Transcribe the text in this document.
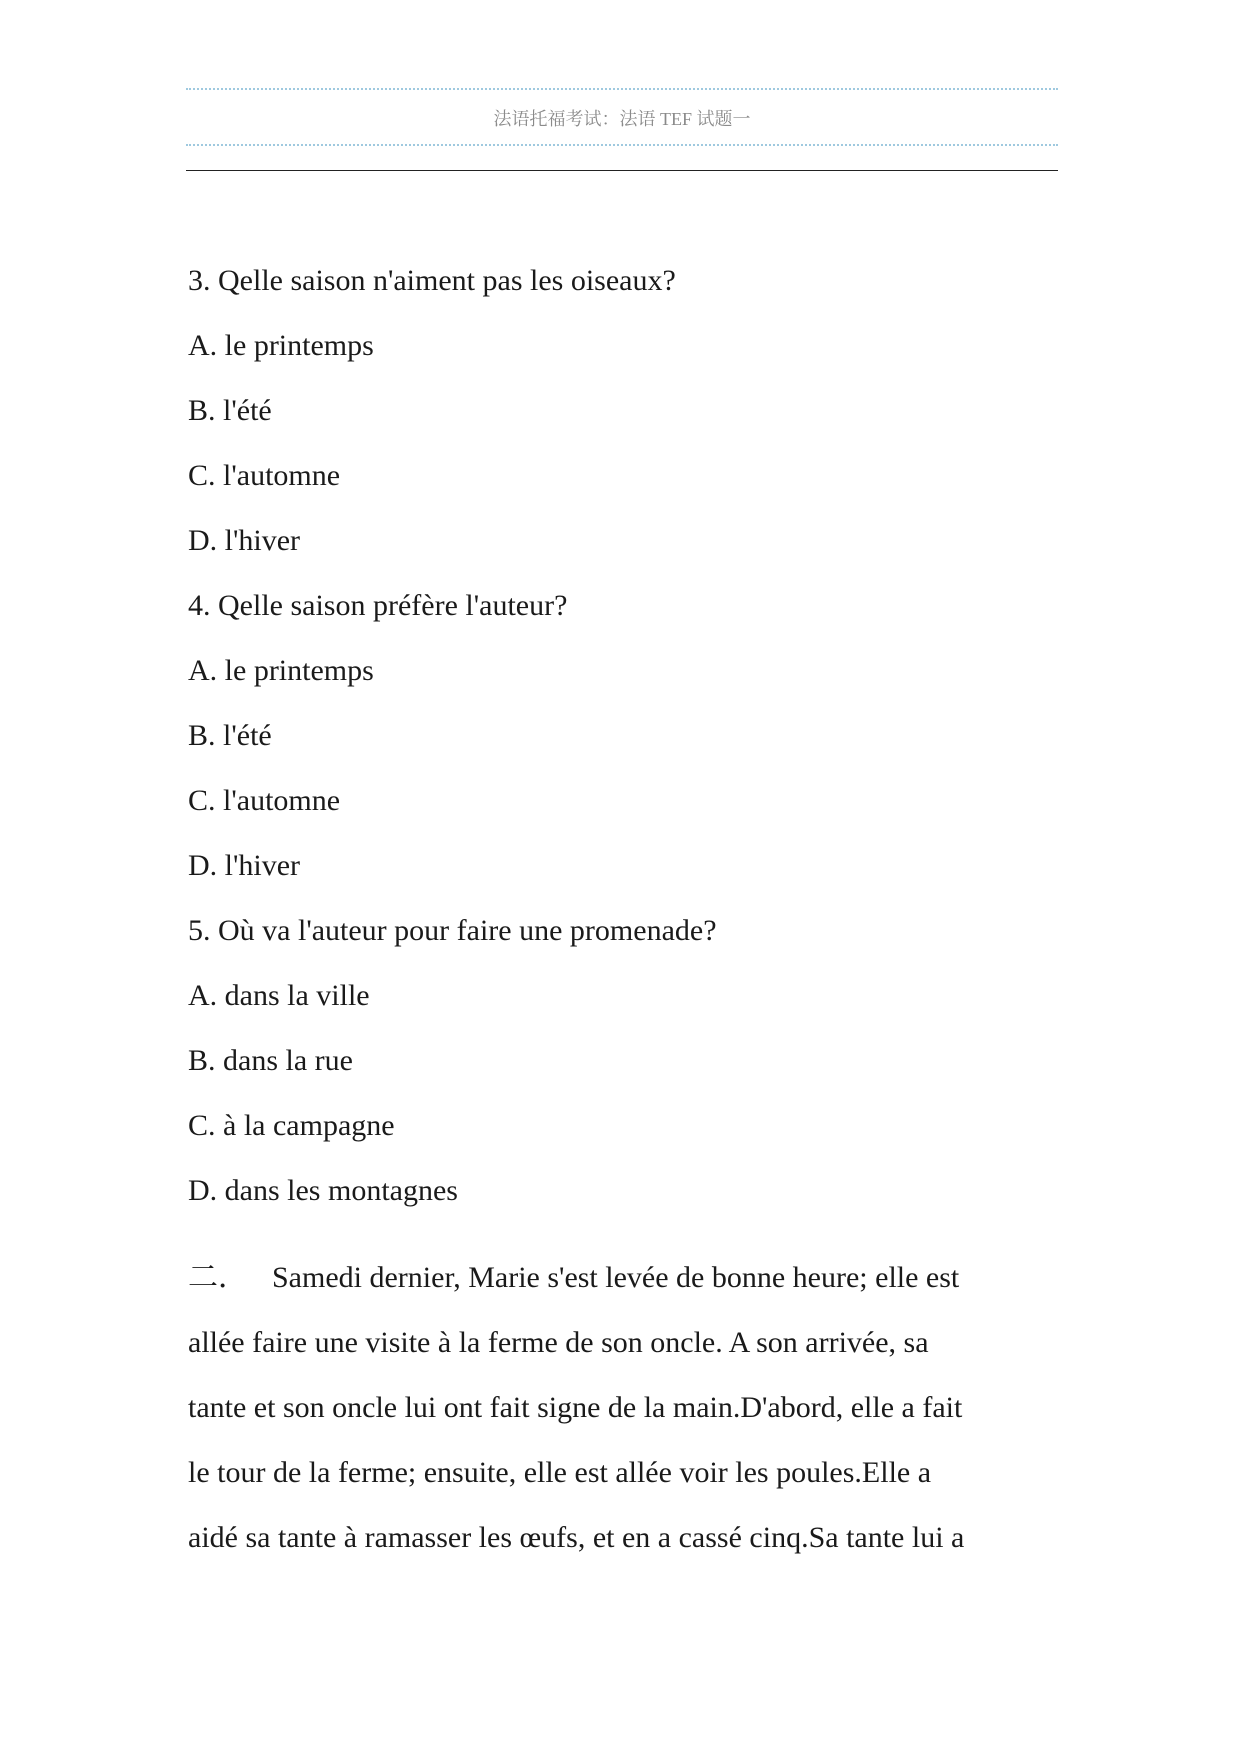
法语托福考试：法语 TEF 试题一

3. Qelle saison n'aiment pas les oiseaux?

A. le printemps

B. l'été

C. l'automne

D. l'hiver

4. Qelle saison préfère l'auteur?

A. le printemps

B. l'été

C. l'automne

D. l'hiver

5. Où va l'auteur pour faire une promenade?

A. dans la ville

B. dans la rue

C. à la campagne

D. dans les montagnes

二． Samedi dernier, Marie s'est levée de bonne heure; elle est

allée faire une visite à la ferme de son oncle. A son arrivée, sa

tante et son oncle lui ont fait signe de la main.D'abord, elle a fait

le tour de la ferme; ensuite, elle est allée voir les poules.Elle a

aidé sa tante à ramasser les œufs, et en a cassé cinq.Sa tante lui a
